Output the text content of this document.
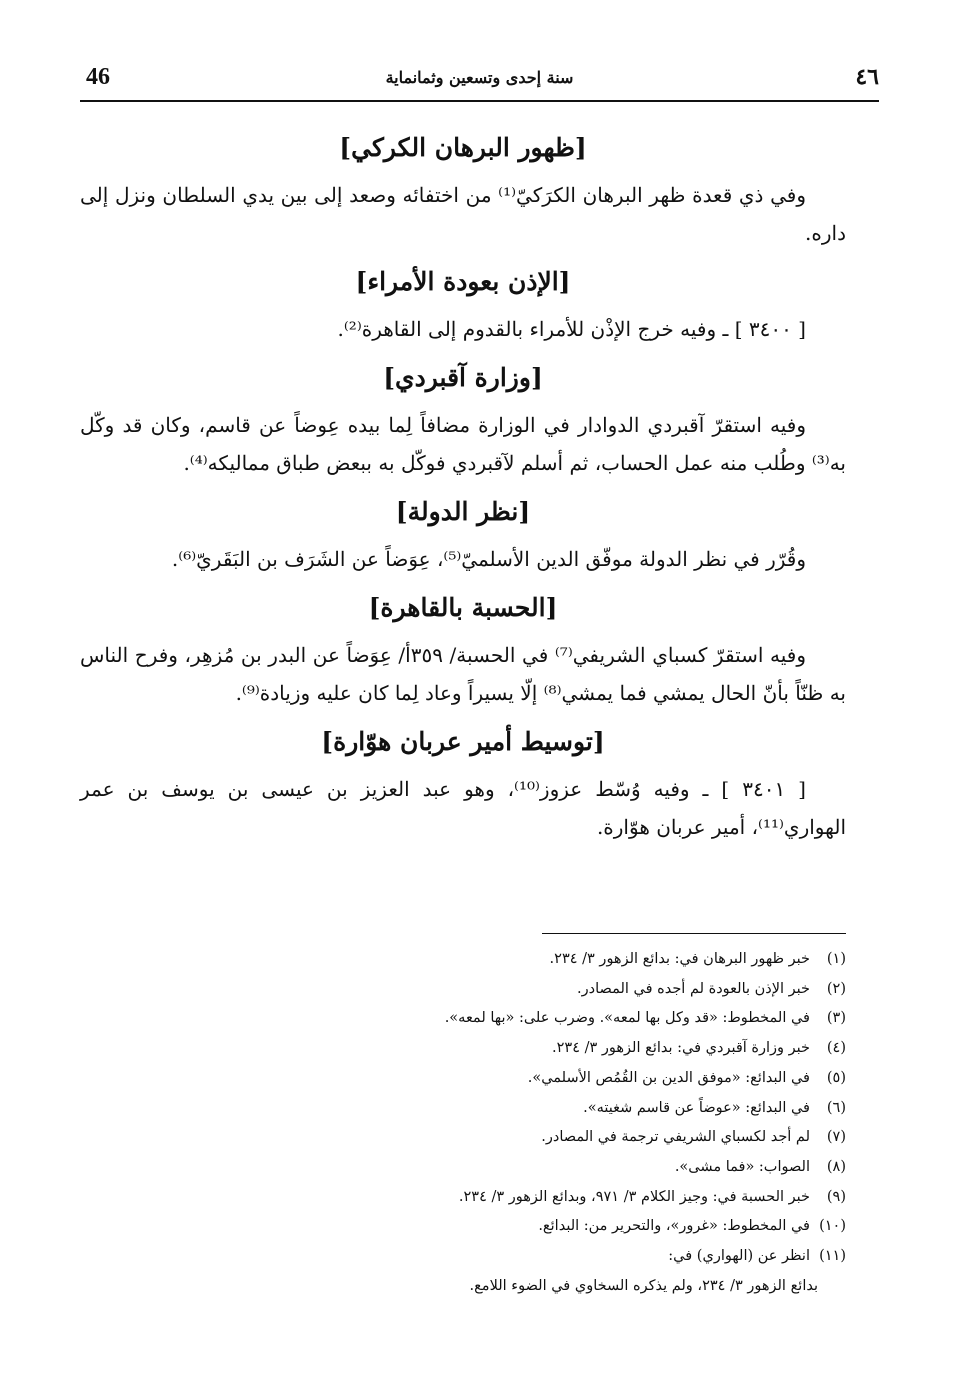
46	سنة إحدى وتسعين وثمانماية	٤٦
[ظهور البرهان الكركي]

وفي ذي قعدة ظهر البرهان الكرَكيّ⁽¹⁾ من اختفائه وصعد إلى بين يدي السلطان ونزل إلى داره.

[الإذن بعودة الأمراء]

[ ٣٤٠٠ ] ـ وفيه خرج الإذْن للأمراء بالقدوم إلى القاهرة⁽²⁾.

[وزارة آقبردي]

وفيه استقرّ آقبردي الدوادار في الوزارة مضافاً لِما بيده عِوضاً عن قاسم، وكان قد وكّل به⁽³⁾ وطُلب منه عمل الحساب، ثم أسلم لآقبردي فوكّل به ببعض طباق مماليكه⁽⁴⁾.

[نظر الدولة]

وقُرّر في نظر الدولة موفّق الدين الأسلميّ⁽⁵⁾، عِوَضاً عن الشَرَف بن البَقَريّ⁽⁶⁾.

[الحسبة بالقاهرة]

وفيه استقرّ كسباي الشريفي⁽⁷⁾ في الحسبة/ ٣٥٩أ/ عِوَضاً عن البدر بن مُزهِر، وفرح الناس به ظنّاً بأنّ الحال يمشي فما يمشي⁽⁸⁾ إلّا يسيراً وعاد لِما كان عليه وزيادة⁽⁹⁾.

[توسيط أمير عربان هوّارة]

[ ٣٤٠١ ] ـ وفيه وُسّط عزوز⁽¹⁰⁾، وهو عبد العزيز بن عيسى بن يوسف بن عمر الهواري⁽¹¹⁾، أمير عربان هوّارة.

(١)خبر ظهور البرهان في: بدائع الزهور ٣/ ٢٣٤.
(٢)خبر الإذن بالعودة لم أجده في المصادر.
(٣)في المخطوط: «قد وكل بها لمعه». وضرب على: «بها لمعه».
(٤)خبر وزارة آقبردي في: بدائع الزهور ٣/ ٢٣٤.
(٥)في البدائع: «موفق الدين بن القُمُص الأسلمي».
(٦)في البدائع: «عوضاً عن قاسم شغيته».
(٧)لم أجد لكسباي الشريفي ترجمة في المصادر.
(٨)الصواب: «فما مشى».
(٩)خبر الحسبة في: وجيز الكلام ٣/ ٩٧١، وبدائع الزهور ٣/ ٢٣٤.
(١٠)في المخطوط: «غرور»، والتحرير من: البدائع.
(١١)انظر عن (الهواري) في:
بدائع الزهور ٣/ ٢٣٤، ولم يذكره السخاوي في الضوء اللامع.
